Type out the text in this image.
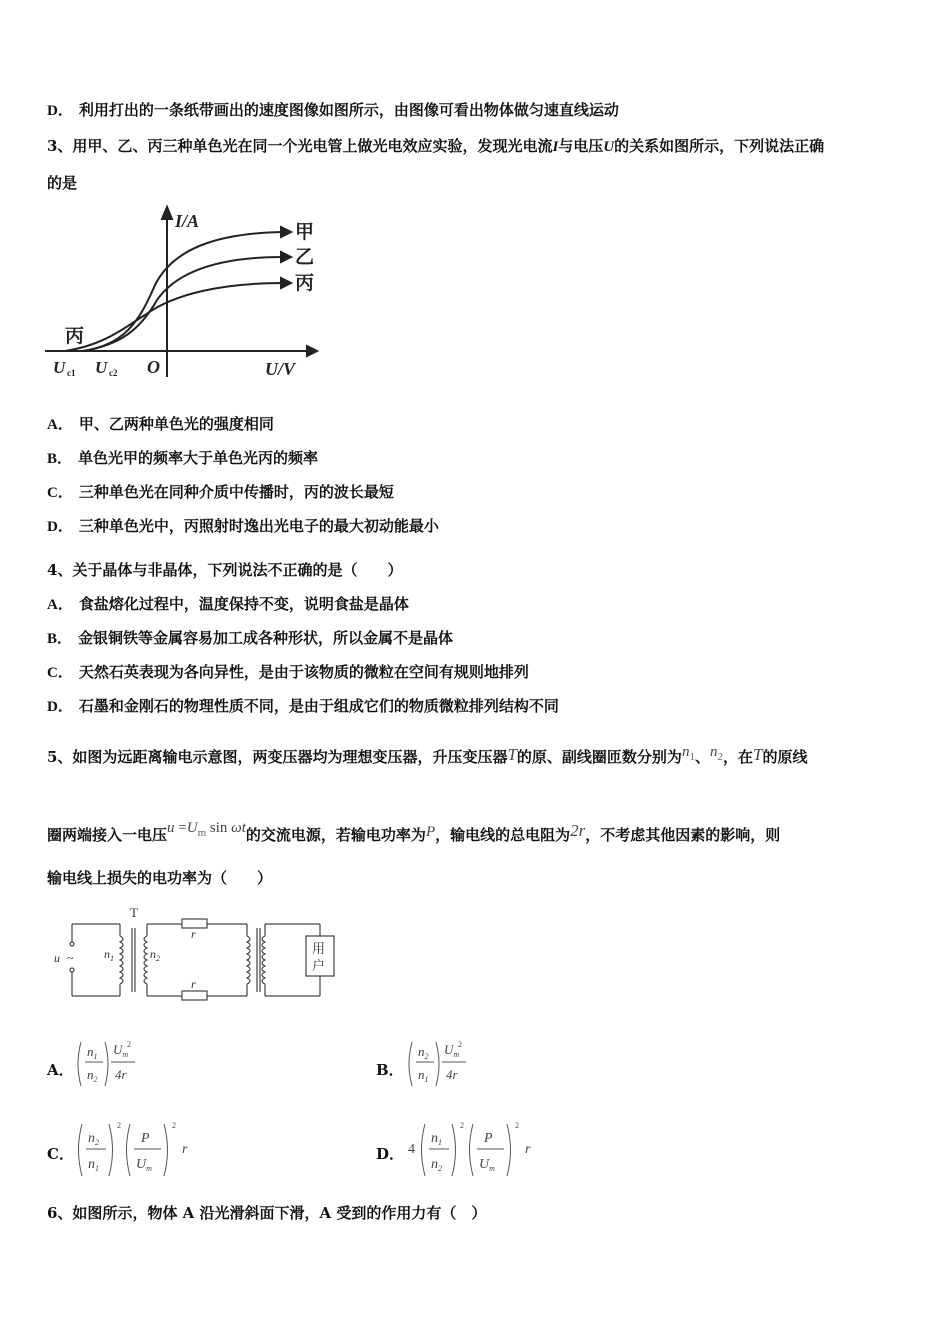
D． 利用打出的一条纸带画出的速度图像如图所示，由图像可看出物体做匀速直线运动
3、用甲、乙、丙三种单色光在同一个光电管上做光电效应实验，发现光电流I与电压U的关系如图所示，下列说法正确
的是
I/A
U/V
O
U c1 U c2
甲
乙
丙
丙
A． 甲、乙两种单色光的强度相同
B． 单色光甲的频率大于单色光丙的频率
C． 三种单色光在同种介质中传播时，丙的波长最短
D． 三种单色光中，丙照射时逸出光电子的最大初动能最小
4、关于晶体与非晶体，下列说法不正确的是（　　）
A． 食盐熔化过程中，温度保持不变，说明食盐是晶体
B． 金银铜铁等金属容易加工成各种形状，所以金属不是晶体
C． 天然石英表现为各向异性，是由于该物质的微粒在空间有规则地排列
D． 石墨和金刚石的物理性质不同，是由于组成它们的物质微粒排列结构不同
5、如图为远距离输电示意图，两变压器均为理想变压器，升压变压器T的原、副线圈匝数分别为$n_1$、$n_2$，在T的原线
圈两端接入一电压$u =U_m$ sin ωt的交流电源，若输电功率为P，输电线的总电阻为2r，不考虑其他因素的影响，则
输电线上损失的电功率为（　　）
T
u ~	$n_1$	$n_2$
r
r
用
户
A．
$n_1$
$n_2$
$U_m$
2
4r	B．
$n_2$
$n_1$
$U_m$
2
4r
C．
$n_2$
$n_1$
2
P
$U_m$
2
r	D． 4
$n_1$
$n_2$
2
P
$U_m$
2
r
6、如图所示，物体 A 沿光滑斜面下滑，A 受到的作用力有（　）
